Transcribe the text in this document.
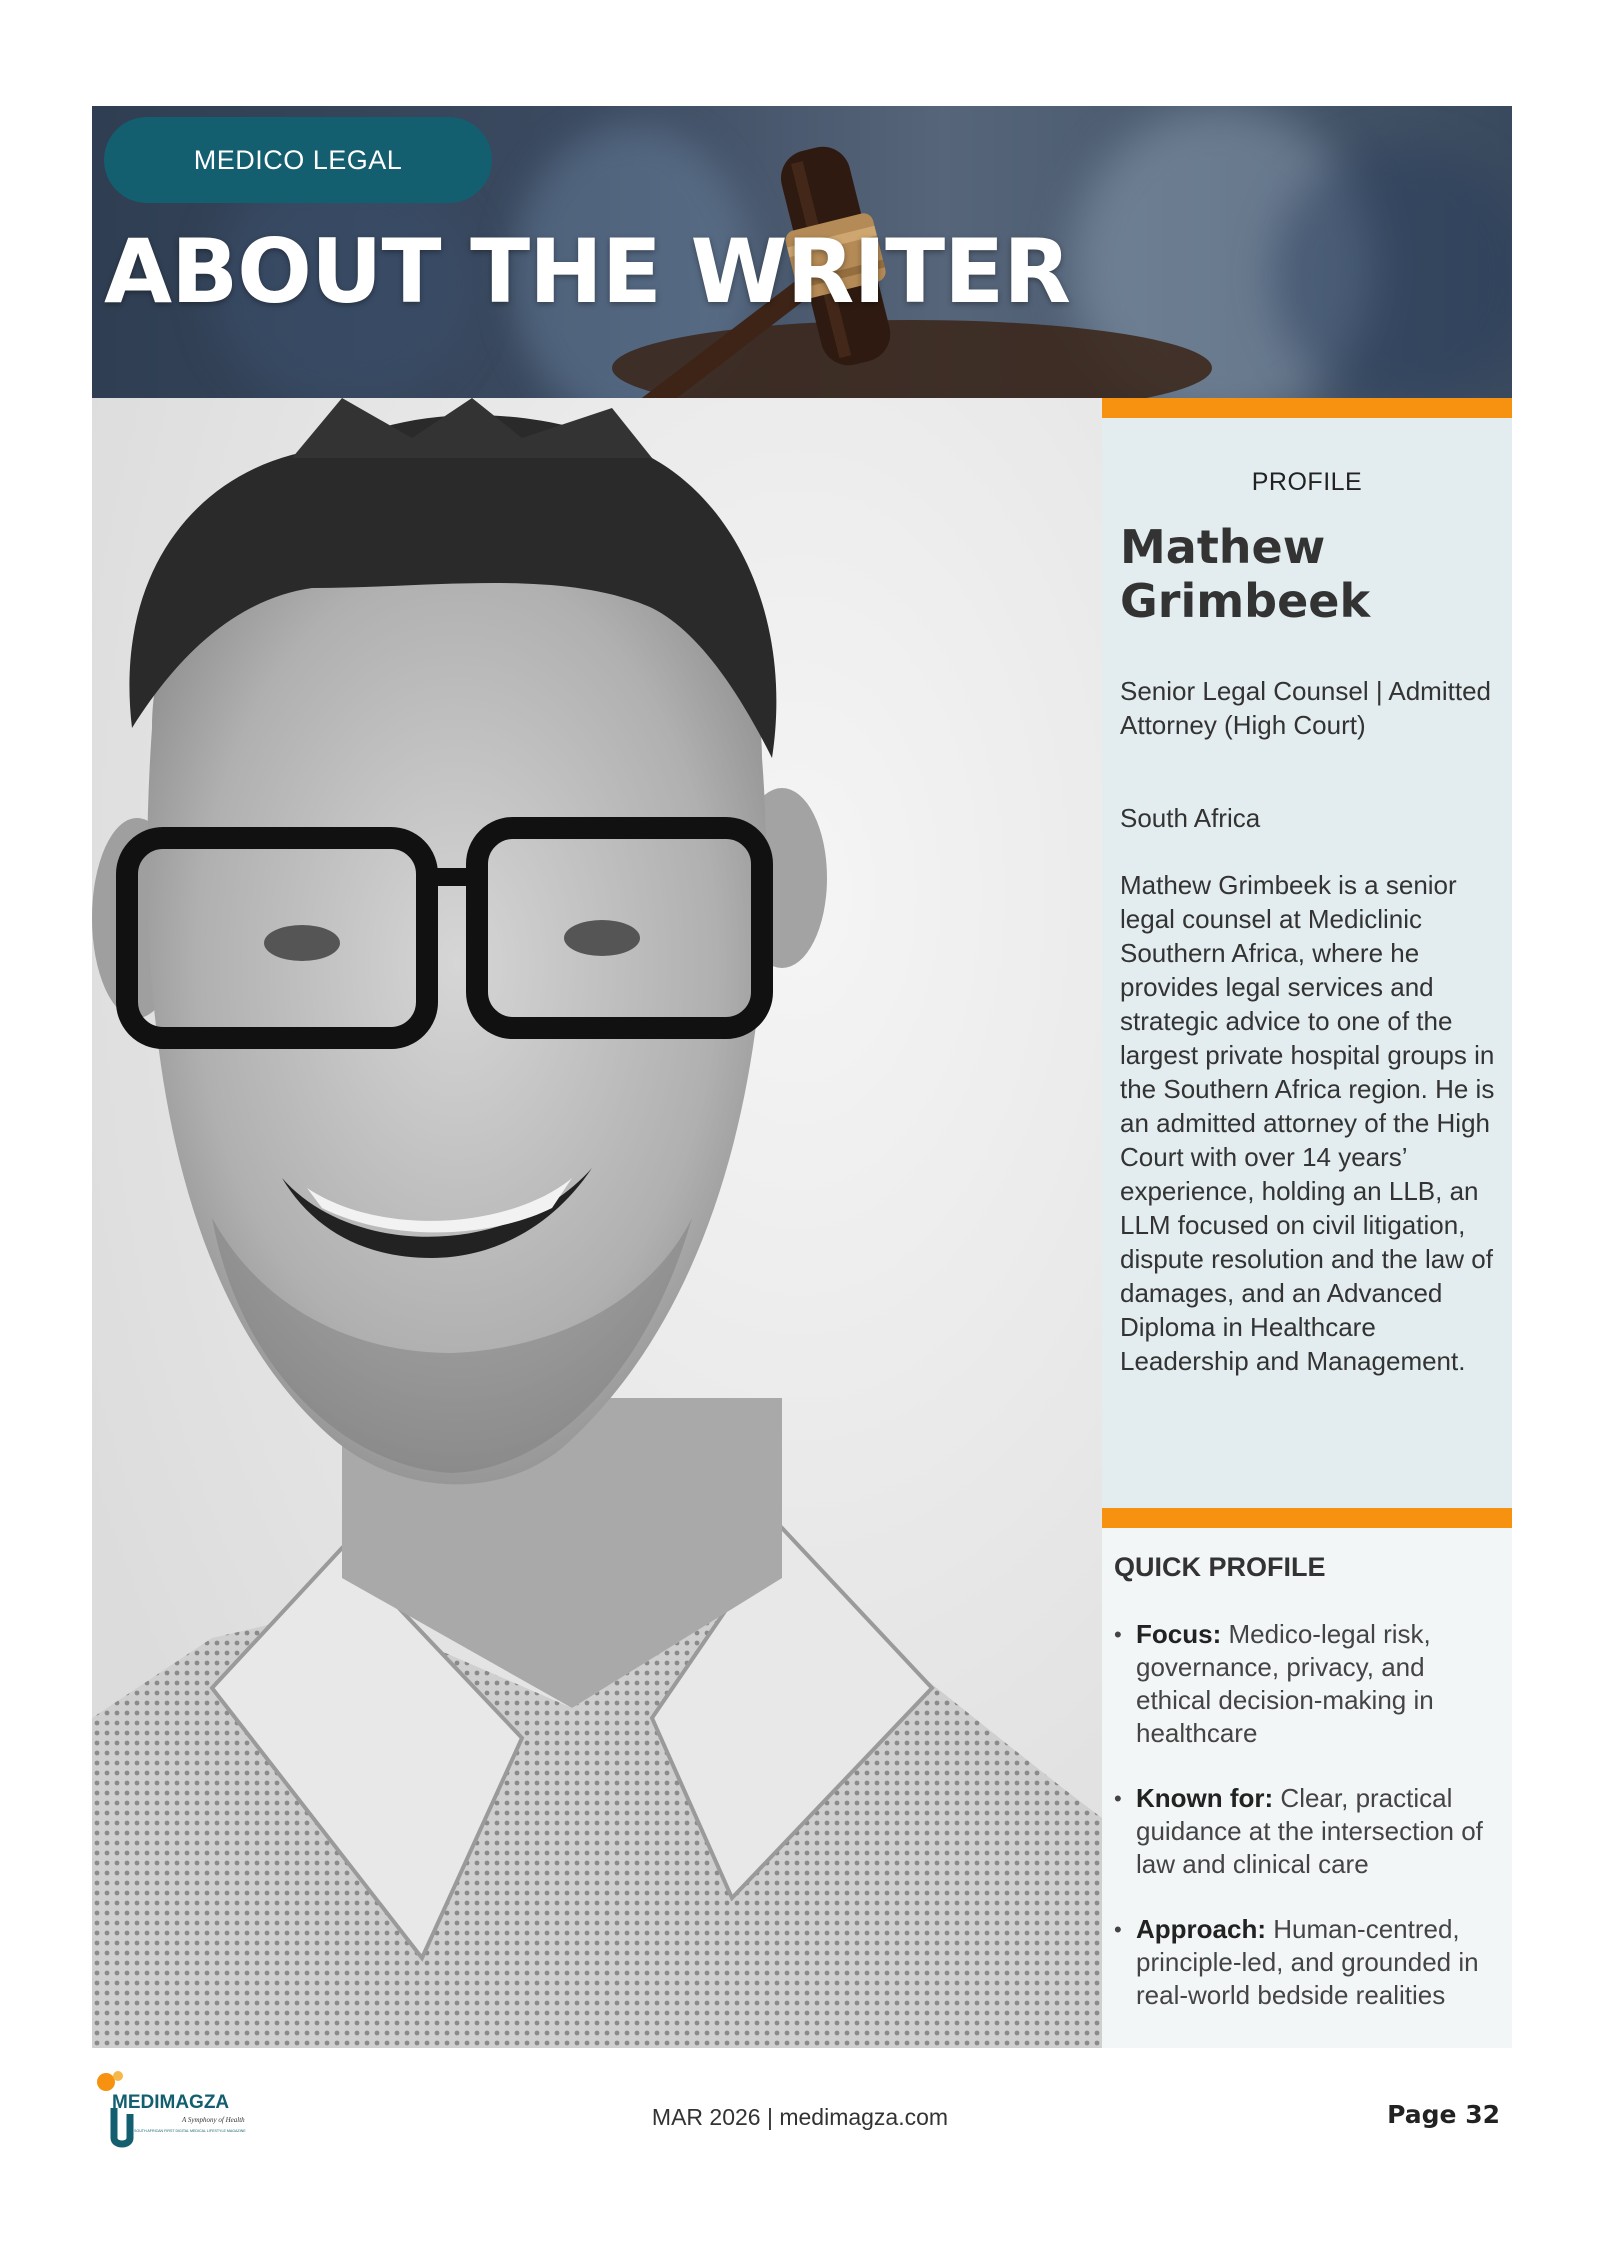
MEDICO LEGAL
ABOUT THE WRITER
PROFILE
Mathew Grimbeek
Senior Legal Counsel | Admitted Attorney (High Court)
South Africa
Mathew Grimbeek is a senior legal counsel at Mediclinic Southern Africa, where he provides legal services and strategic advice to one of the largest private hospital groups in the Southern Africa region. He is an admitted attorney of the High Court with over 14 years’ experience, holding an LLB, an LLM focused on civil litigation, dispute resolution and the law of damages, and an Advanced Diploma in Healthcare Leadership and Management.
QUICK PROFILE
• Focus: Medico-legal risk, governance, privacy, and ethical decision-making in healthcare
• Known for: Clear, practical guidance at the intersection of law and clinical care
• Approach: Human-centred, principle-led, and grounded in real-world bedside realities
MEDIMAGZA
A Symphony of Health
SOUTH AFRICAN FIRST DIGITAL MEDICAL LIFESTYLE MAGAZINE
MAR 2026 | medimagza.com	Page 32
